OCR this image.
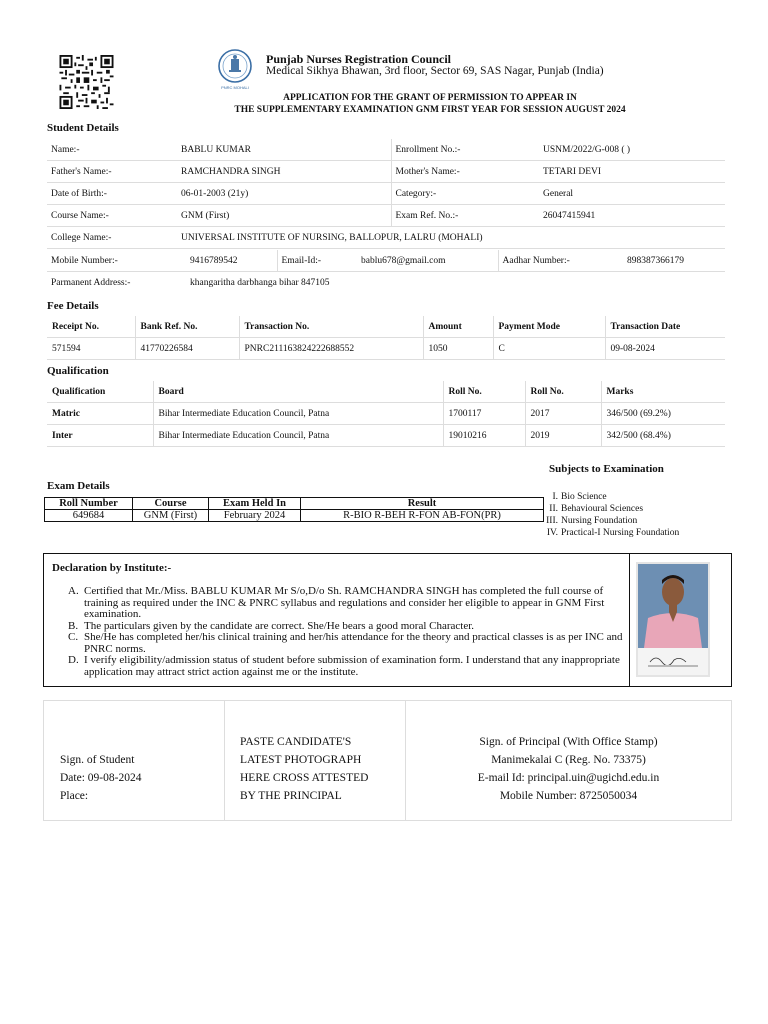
PNRC MOHALI
Punjab Nurses Registration Council
Medical Sikhya Bhawan, 3rd floor, Sector 69, SAS Nagar, Punjab (India)
APPLICATION FOR THE GRANT OF PERMISSION TO APPEAR IN
THE SUPPLEMENTARY EXAMINATION GNM FIRST YEAR FOR SESSION AUGUST 2024
Student Details
Name:-	BABLU KUMAR	Enrollment No.:-	USNM/2022/G-008 ( )
Father's Name:-	RAMCHANDRA SINGH	Mother's Name:-	TETARI DEVI
Date of Birth:-	06-01-2003 (21y)	Category:-	General
Course Name:-	GNM (First)	Exam Ref. No.:-	26047415941
College Name:-	UNIVERSAL INSTITUTE OF NURSING, BALLOPUR, LALRU (MOHALI)		
Mobile Number:-	9416789542	Email-Id:-	bablu678@gmail.com	Aadhar Number:-	898387366179
Parmanent Address:-	khangaritha darbhanga bihar 847105				
Fee Details
Receipt No.	Bank Ref. No.	Transaction No.	Amount	Payment Mode	Transaction Date
571594	41770226584	PNRC211163824222688552	1050	C	09-08-2024
Qualification
Qualification	Board	Roll No.	Roll No.	Marks
Matric	Bihar Intermediate Education Council, Patna	1700117	2017	346/500 (69.2%)
Inter	Bihar Intermediate Education Council, Patna	19010216	2019	342/500 (68.4%)
Exam Details
Roll Number	Course	Exam Held In	Result
649684	GNM (First)	February 2024	R-BIO R-BEH R-FON AB-FON(PR)
Subjects to Examination
I. Bio Science
II. Behavioural Sciences
III. Nursing Foundation
IV. Practical-I Nursing Foundation
Declaration by Institute:-
A. Certified that Mr./Miss. BABLU KUMAR Mr S/o,D/o Sh. RAMCHANDRA SINGH has completed the full course of training as required under the INC & PNRC syllabus and regulations and consider her eligible to appear in GNM First examination.
B. The particulars given by the candidate are correct. She/He bears a good moral Character.
C. She/He has completed her/his clinical training and her/his attendance for the theory and practical classes is as per INC and PNRC norms.
D. I verify eligibility/admission status of student before submission of examination form. I understand that any inappropriate application may attract strict action against me or the institute.
Sign. of Student
Date: 09-08-2024
Place:
PASTE CANDIDATE'S
LATEST PHOTOGRAPH
HERE CROSS ATTESTED
BY THE PRINCIPAL
Sign. of Principal (With Office Stamp)
Manimekalai C (Reg. No. 73375)
E-mail Id: principal.uin@ugichd.edu.in
Mobile Number: 8725050034
